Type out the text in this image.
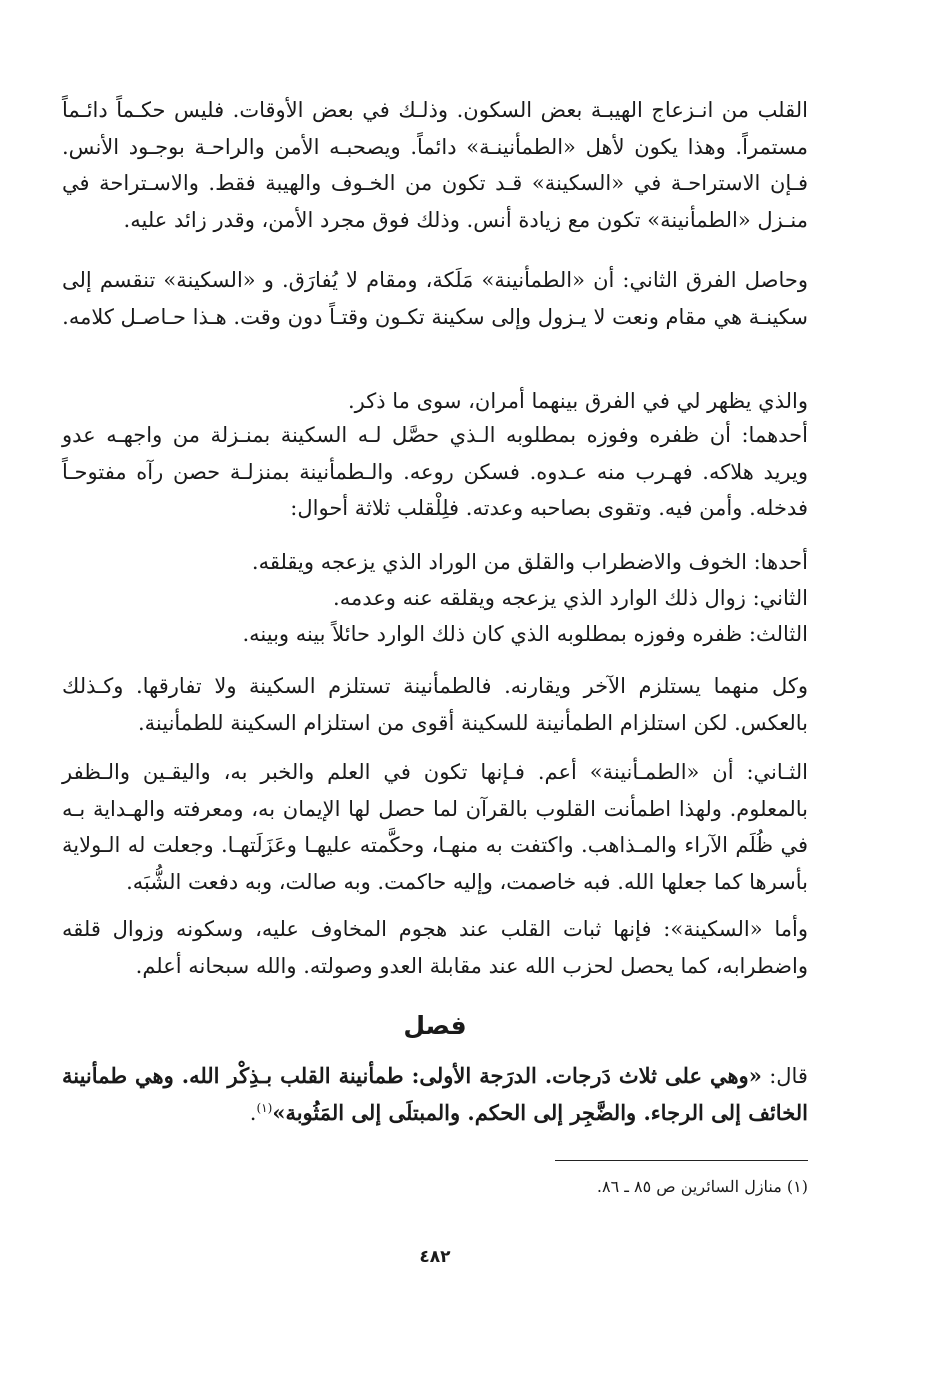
القلب من انـزعاج الهيبـة بعض السكون. وذلـك في بعض الأوقات. فليس حكـماً دائـماً مستمراً. وهذا يكون لأهل «الطمأنينـة» دائماً. ويصحبـه الأمن والراحـة بوجـود الأنس. فـإن الاستراحـة في «السكينة» قـد تكون من الخـوف والهيبة فقط. والاسـتراحة في منـزل «الطمأنينة» تكون مع زيادة أنس. وذلك فوق مجرد الأمن، وقدر زائد عليه.

وحاصل الفرق الثاني: أن «الطمأنينة» مَلَكة، ومقام لا يُفارَق. و «السكينة» تنقسم إلى سكينـة هي مقام ونعت لا يـزول وإلى سكينة تكـون وقتـاً دون وقت. هـذا حـاصـل كلامه.

والذي يظهر لي في الفرق بينهما أمران، سوى ما ذكر.

أحدهما: أن ظفره وفوزه بمطلوبه الـذي حصَّل لـه السكينة بمنـزلة من واجهـه عدو ويريد هلاكه. فهـرب منه عـدوه. فسكن روعه. والـطمأنينة بمنزلـة حصن رآه مفتوحـاً فدخله. وأمن فيه. وتقوى بصاحبه وعدته. فلِلْقلب ثلاثة أحوال:

أحدها: الخوف والاضطراب والقلق من الوراد الذي يزعجه ويقلقه.

الثاني: زوال ذلك الوارد الذي يزعجه ويقلقه عنه وعدمه.

الثالث: ظفره وفوزه بمطلوبه الذي كان ذلك الوارد حائلاً بينه وبينه.

وكل منهما يستلزم الآخر ويقارنه. فالطمأنينة تستلزم السكينة ولا تفارقها. وكـذلك بالعكس. لكن استلزام الطمأنينة للسكينة أقوى من استلزام السكينة للطمأنينة.

الثـاني: أن «الطمـأنينة» أعم. فـإنها تكون في العلم والخبر به، واليقـين والـظفر بالمعلوم. ولهذا اطمأنت القلوب بالقرآن لما حصل لها الإيمان به، ومعرفته والهـداية بـه في ظُلَم الآراء والمـذاهب. واكتفت به منهـا، وحكَّمته عليهـا وعَزَلَتهـا. وجعلت له الـولاية بأسرها كما جعلها الله. فبه خاصمت، وإليه حاكمت. وبه صالت، وبه دفعت الشُّبَه.

وأما «السكينة»: فإنها ثبات القلب عند هجوم المخاوف عليه، وسكونه وزوال قلقه واضطرابه، كما يحصل لحزب الله عند مقابلة العدو وصولته. والله سبحانه أعلم.

فصل

قال: «وهي على ثلاث دَرجات. الدرَجة الأولى: طمأنينة القلب بـذِكْر الله. وهي طمأنينة الخائف إلى الرجاء. والضَّجِر إلى الحكم. والمبتلَى إلى المَثُوبة»$^{(١)}$.

(١) منازل السائرين ص ٨٥ ـ ٨٦.
٤٨٢
